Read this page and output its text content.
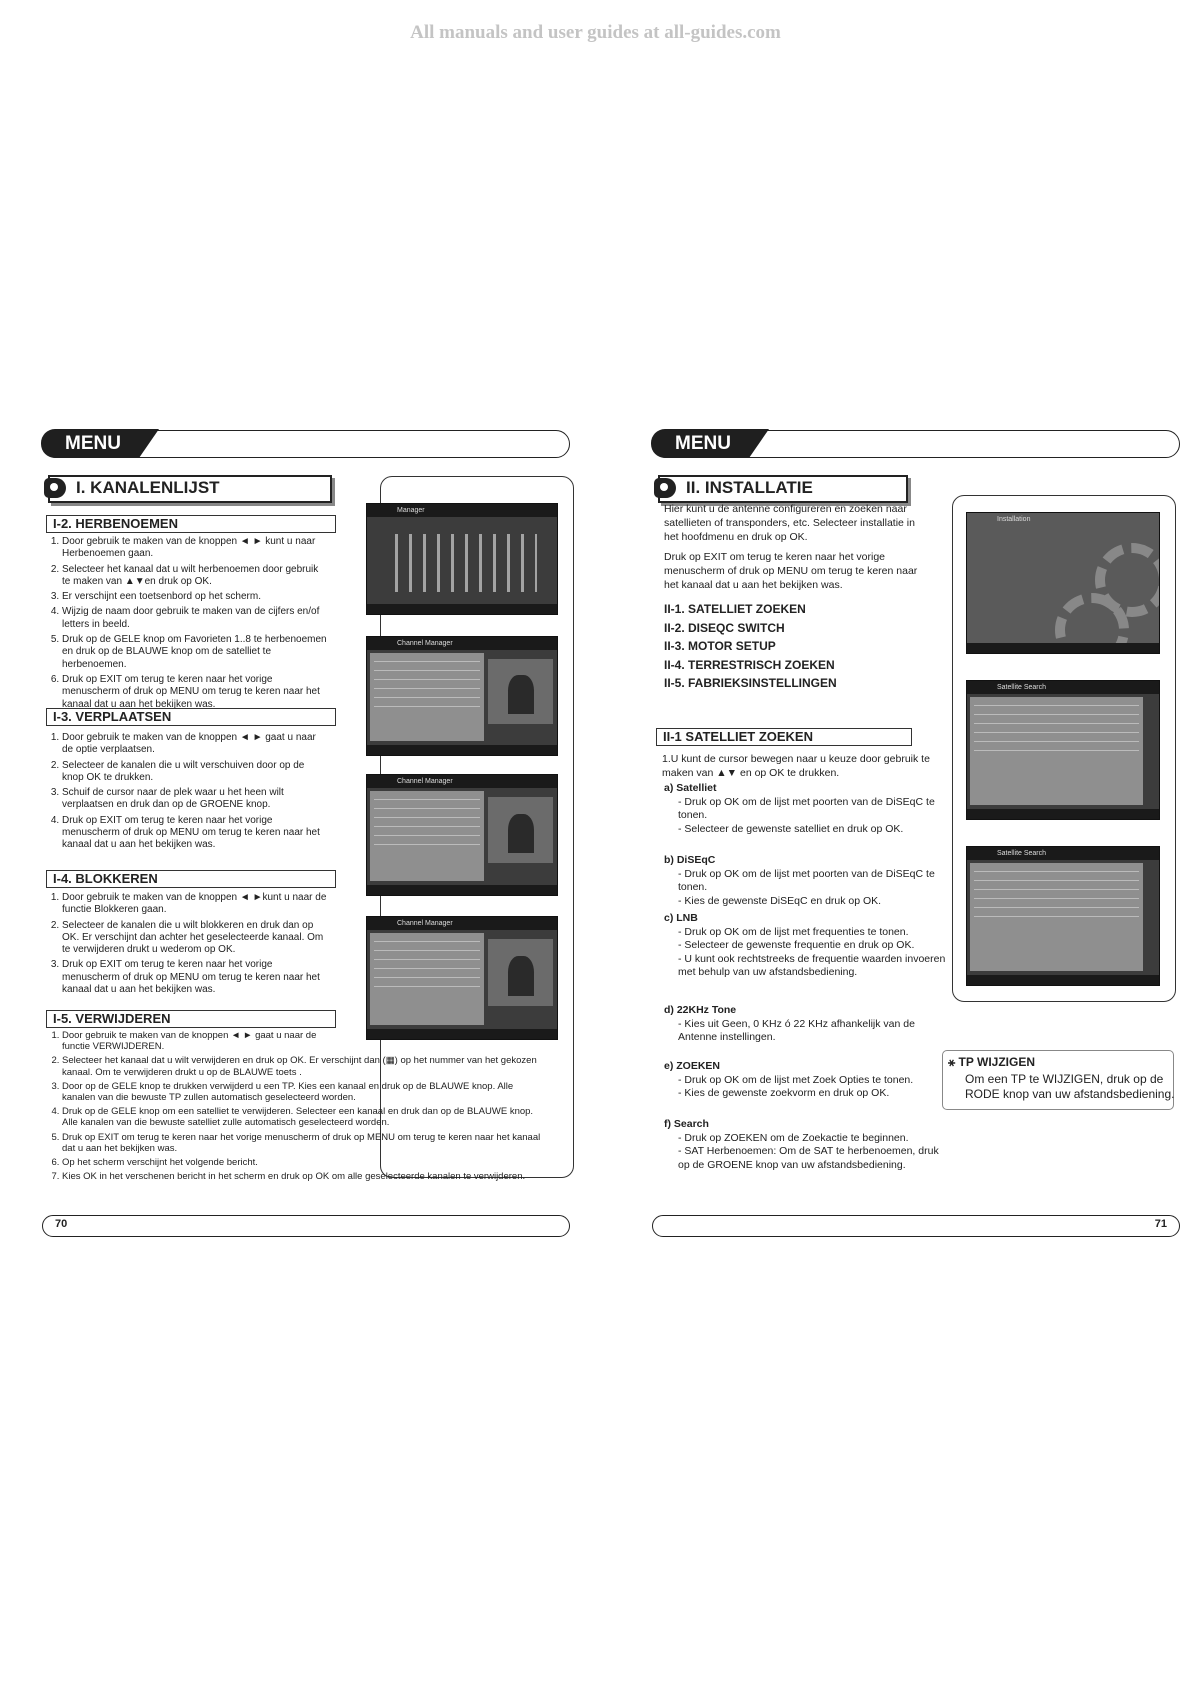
All manuals and user guides at all-guides.com
MENU
I. KANALENLIJST
Manager
Channel Manager
Channel Manager
Channel Manager
I-2. HERBENOEMEN
1. Door gebruik te maken van de knoppen ◄ ► kunt u naar Herbenoemen gaan.
2. Selecteer het kanaal dat u wilt herbenoemen door gebruik te maken van ▲▼en druk op OK.
3. Er verschijnt een toetsenbord op het scherm.
4. Wijzig de naam door gebruik te maken van de cijfers en/of letters in beeld.
5. Druk op de GELE knop om Favorieten 1..8 te herbenoemen en druk op de BLAUWE knop om de satelliet te herbenoemen.
6. Druk op EXIT om terug te keren naar het vorige menuscherm of druk op MENU om terug te keren naar het kanaal dat u aan het bekijken was.
I-3. VERPLAATSEN
1. Door gebruik te maken van de knoppen ◄ ► gaat u naar de optie verplaatsen.
2. Selecteer de kanalen die u wilt verschuiven door op de knop OK te drukken.
3. Schuif de cursor naar de plek waar u het heen wilt verplaatsen en druk dan op de GROENE knop.
4. Druk op EXIT om terug te keren naar het vorige menuscherm of druk op MENU om terug te keren naar het kanaal dat u aan het bekijken was.
I-4. BLOKKEREN
1. Door gebruik te maken van de knoppen ◄ ►kunt u naar de functie Blokkeren gaan.
2. Selecteer de kanalen die u wilt blokkeren en druk dan op OK. Er verschijnt dan achter het geselecteerde kanaal. Om te verwijderen drukt u wederom op OK.
3. Druk op EXIT om terug te keren naar het vorige menuscherm of druk op MENU om terug te keren naar het kanaal dat u aan het bekijken was.
I-5. VERWIJDEREN
1. Door gebruik te maken van de knoppen ◄ ► gaat u naar de functie VERWIJDEREN.
2. Selecteer het kanaal dat u wilt verwijderen en druk op OK. Er verschijnt dan (▦) op het nummer van het gekozen kanaal. Om te verwijderen drukt u op de BLAUWE toets .
3. Door op de GELE knop te drukken verwijderd u een TP. Kies een kanaal en druk op de BLAUWE knop. Alle kanalen van die bewuste TP zullen automatisch geselecteerd worden.
4. Druk op de GELE knop om een satelliet te verwijderen. Selecteer een kanaal en druk dan op de BLAUWE knop. Alle kanalen van die bewuste satelliet zulle automatisch geselecteerd worden.
5. Druk op EXIT om terug te keren naar het vorige menuscherm of druk op MENU om terug te keren naar het kanaal dat u aan het bekijken was.
6. Op het scherm verschijnt het volgende bericht.
7. Kies OK in het verschenen bericht in het scherm en druk op OK om alle geselecteerde kanalen te verwijderen.
70
MENU
II. INSTALLATIE

Hier kunt u de antenne configureren en zoeken naar satellieten of transponders, etc. Selecteer installatie in het hoofdmenu en druk op OK.

Druk op EXIT om terug te keren naar het vorige menuscherm of druk op MENU om terug te keren naar het kanaal dat u aan het bekijken was.

II-1. SATELLIET ZOEKEN
II-2. DISEQC SWITCH
II-3. MOTOR SETUP
II-4. TERRESTRISCH ZOEKEN
II-5. FABRIEKSINSTELLINGEN
Installation
Satellite Search
Satellite Search
II-1 SATELLIET ZOEKEN
1.U kunt de cursor bewegen naar u keuze door gebruik te maken van ▲▼ en op OK te drukken.
a) Satelliet
- Druk op OK om de lijst met poorten van de DiSEqC te tonen.
- Selecteer de gewenste satelliet en druk op OK.
b) DiSEqC
- Druk op OK om de lijst met poorten van de DiSEqC te tonen.
- Kies de gewenste DiSEqC en druk op OK.
c) LNB
- Druk op OK om de lijst met frequenties te tonen.
- Selecteer de gewenste frequentie en druk op OK.
- U kunt ook rechtstreeks de frequentie waarden invoeren met behulp van uw afstandsbediening.
d) 22KHz Tone
- Kies uit Geen, 0 KHz ó 22 KHz afhankelijk van de Antenne instellingen.
e) ZOEKEN
- Druk op OK om de lijst met Zoek Opties te tonen.
- Kies de gewenste zoekvorm en druk op OK.
f) Search
- Druk op ZOEKEN om de Zoekactie te beginnen.
- SAT Herbenoemen: Om de SAT te herbenoemen, druk op de GROENE knop van uw afstandsbediening.
⚹ TP WIJZIGEN
Om een TP te WIJZIGEN, druk op de RODE knop van uw afstandsbediening.
71
